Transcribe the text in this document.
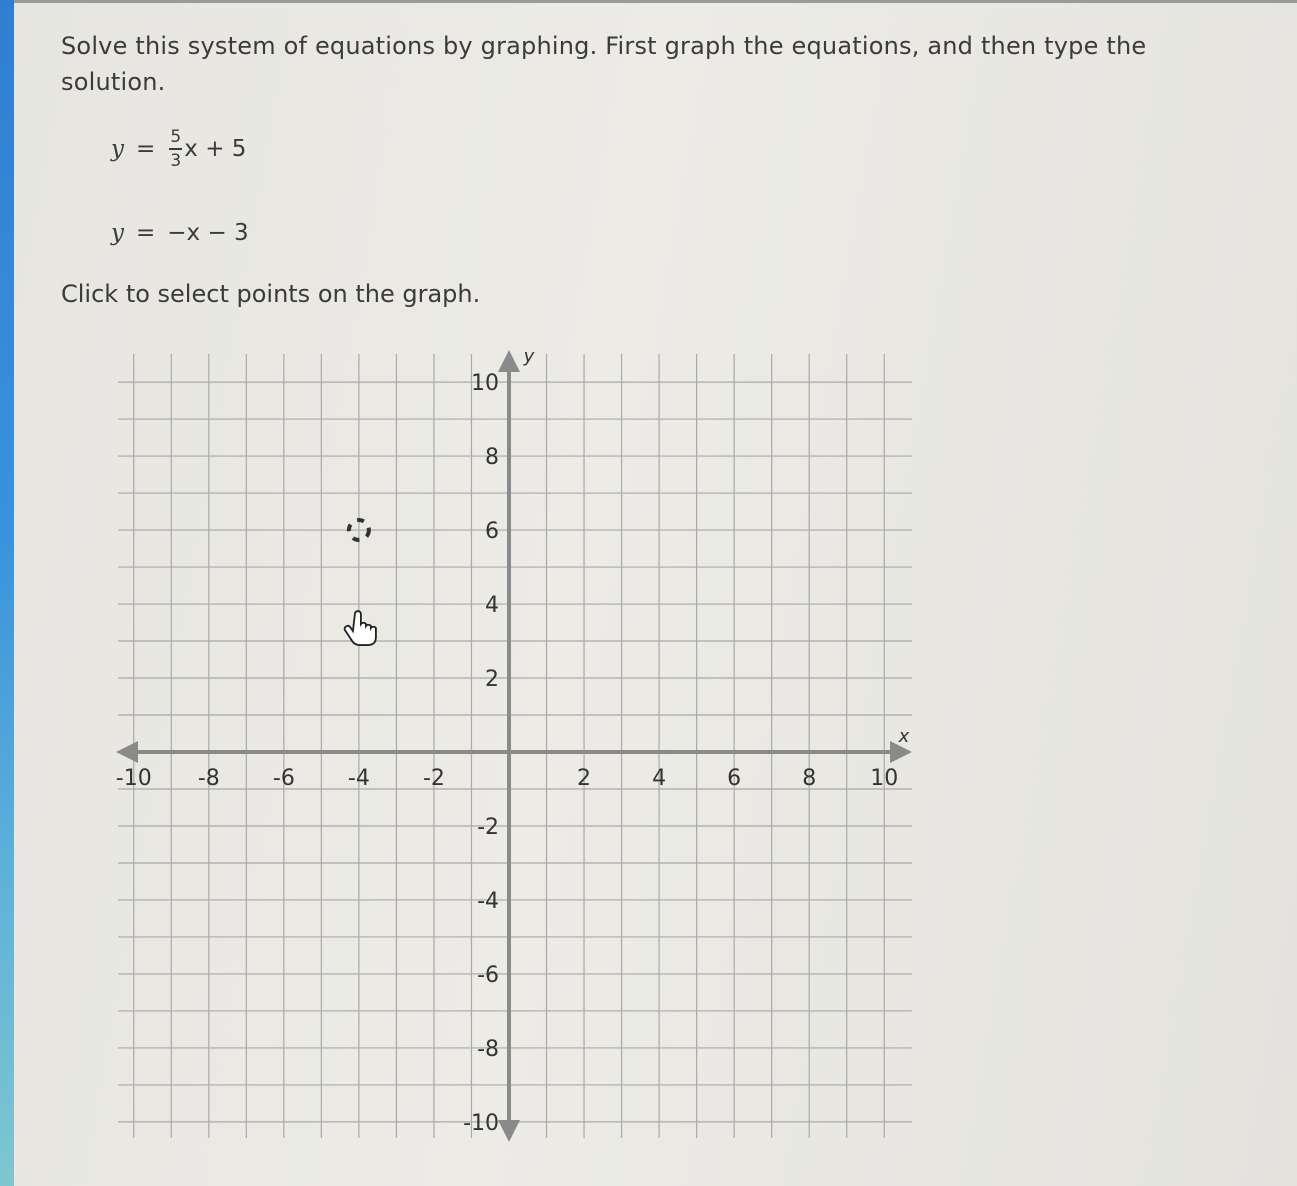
Solve this system of equations by graphing. First graph the equations, and then type the solution.
$y = \frac{5}{3}$ x + 5
y = −x − 3
Click to select points on the graph.
-10 -8 -6 -4 -2	2	4	6	8 10
10
8
6
4
2
-2
-4
-6
-8
-10
x
y
